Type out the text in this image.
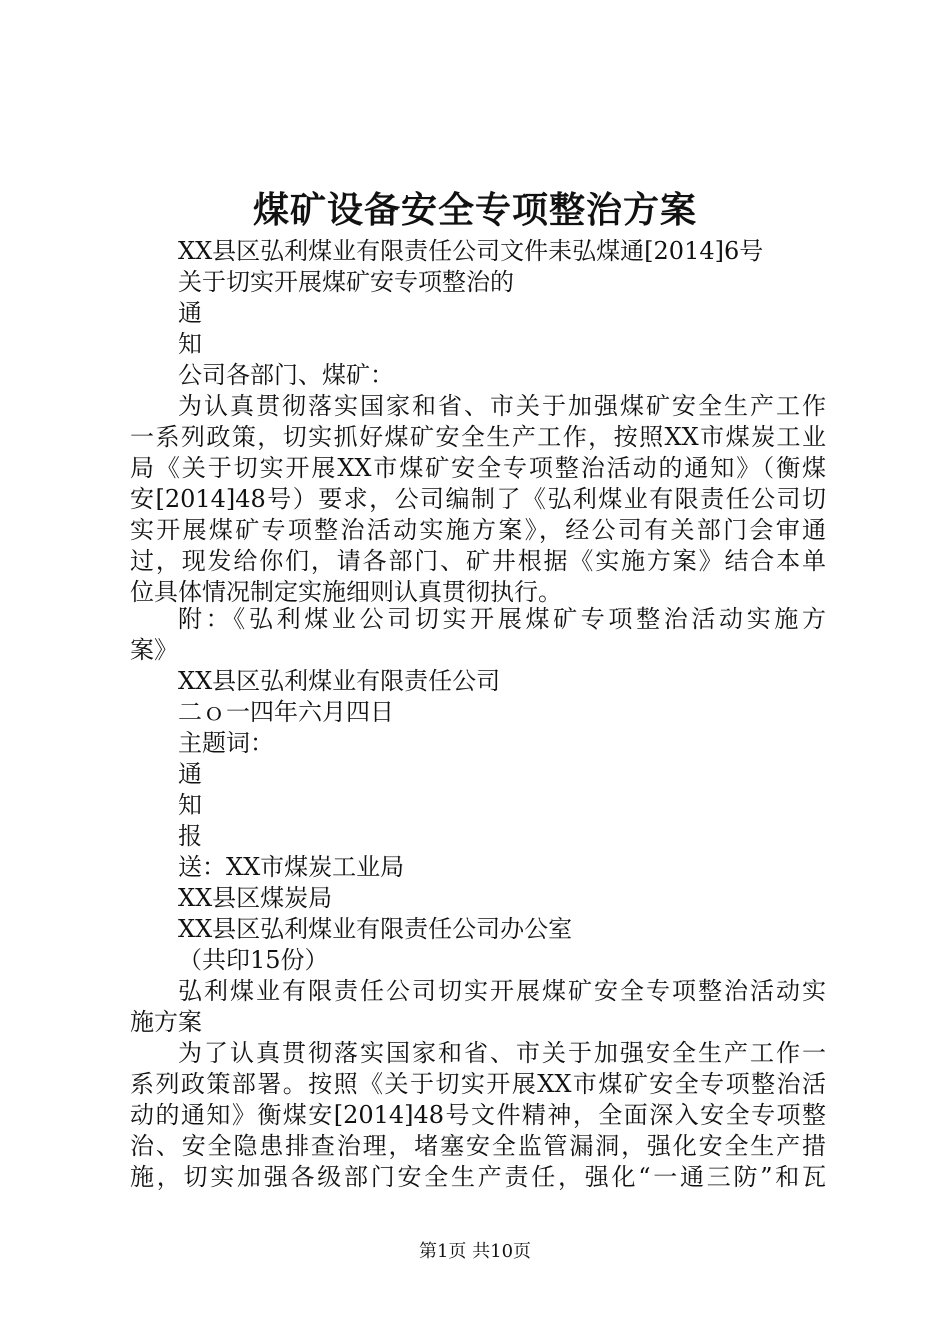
煤矿设备安全专项整治方案
XX县区弘利煤业有限责任公司文件耒弘煤通[2014]6号
关于切实开展煤矿安专项整治的
通
知
公司各部门、煤矿：
为认真贯彻落实国家和省、市关于加强煤矿安全生产工作
一系列政策，切实抓好煤矿安全生产工作，按照XX市煤炭工业
局《关于切实开展XX市煤矿安全专项整治活动的通知》（衡煤
安[2014]48号）要求，公司编制了《弘利煤业有限责任公司切
实开展煤矿专项整治活动实施方案》，经公司有关部门会审通
过，现发给你们，请各部门、矿井根据《实施方案》结合本单
位具体情况制定实施细则认真贯彻执行。
附：《弘利煤业公司切实开展煤矿专项整治活动实施方
案》
XX县区弘利煤业有限责任公司
二ｏ一四年六月四日
主题词：
通
知
报
送：XX市煤炭工业局
XX县区煤炭局
XX县区弘利煤业有限责任公司办公室
（共印15份）
弘利煤业有限责任公司切实开展煤矿安全专项整治活动实
施方案
为了认真贯彻落实国家和省、市关于加强安全生产工作一
系列政策部署。按照《关于切实开展XX市煤矿安全专项整治活
动的通知》衡煤安[2014]48号文件精神，全面深入安全专项整
治、安全隐患排查治理，堵塞安全监管漏洞，强化安全生产措
施，切实加强各级部门安全生产责任，强化“一通三防”和瓦
第1页 共10页
